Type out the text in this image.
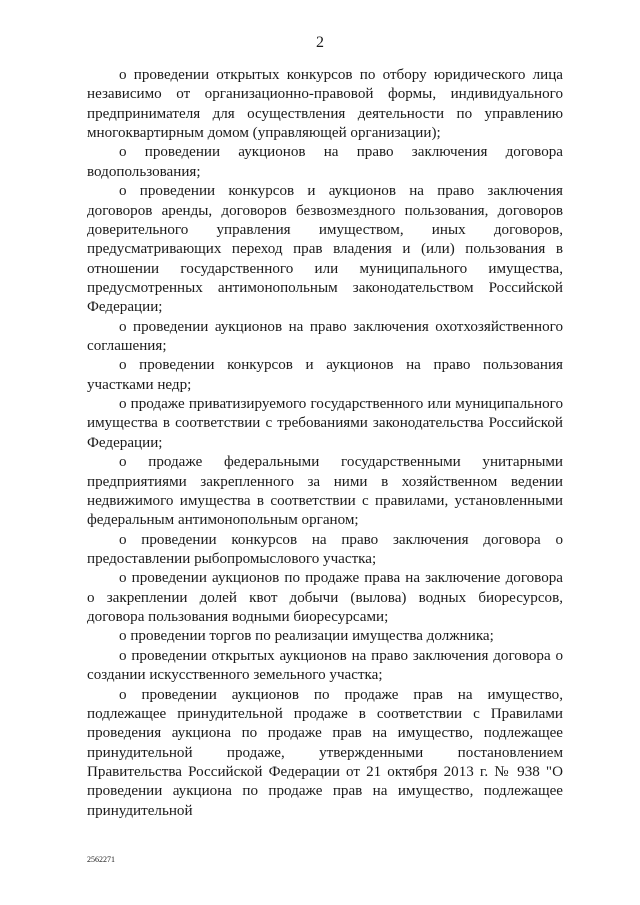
2

о проведении открытых конкурсов по отбору юридического лица независимо от организационно-правовой формы, индивидуального предпринимателя для осуществления деятельности по управлению многоквартирным домом (управляющей организации);

о проведении аукционов на право заключения договора водопользования;

о проведении конкурсов и аукционов на право заключения договоров аренды, договоров безвозмездного пользования, договоров доверительного управления имуществом, иных договоров, предусматривающих переход прав владения и (или) пользования в отношении государственного или муниципального имущества, предусмотренных антимонопольным законодательством Российской Федерации;

о проведении аукционов на право заключения охотхозяйственного соглашения;

о проведении конкурсов и аукционов на право пользования участками недр;

о продаже приватизируемого государственного или муниципального имущества в соответствии с требованиями законодательства Российской Федерации;

о продаже федеральными государственными унитарными предприятиями закрепленного за ними в хозяйственном ведении недвижимого имущества в соответствии с правилами, установленными федеральным антимонопольным органом;

о проведении конкурсов на право заключения договора о предоставлении рыбопромыслового участка;

о проведении аукционов по продаже права на заключение договора о закреплении долей квот добычи (вылова) водных биоресурсов, договора пользования водными биоресурсами;

о проведении торгов по реализации имущества должника;

о проведении открытых аукционов на право заключения договора о создании искусственного земельного участка;

о проведении аукционов по продаже прав на имущество, подлежащее принудительной продаже в соответствии с Правилами проведения аукциона по продаже прав на имущество, подлежащее принудительной продаже, утвержденными постановлением Правительства Российской Федерации от 21 октября 2013 г. № 938 "О проведении аукциона по продаже прав на имущество, подлежащее принудительной

2562271
